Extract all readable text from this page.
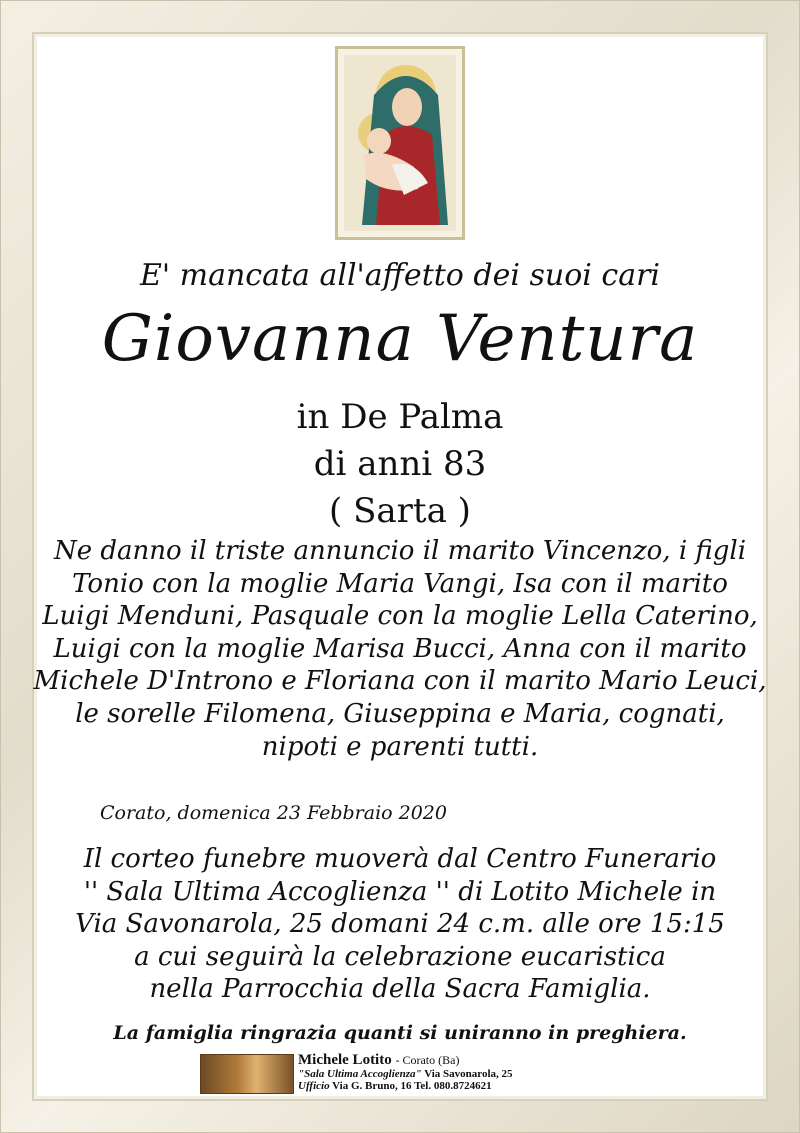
E' mancata all'affetto dei suoi cari
Giovanna Ventura
in De Palma
di anni 83
( Sarta )
Ne danno il triste annuncio il marito Vincenzo, i figli
Tonio con la moglie Maria Vangi, Isa con il marito
Luigi Menduni, Pasquale con la moglie Lella Caterino,
Luigi con la moglie Marisa Bucci, Anna con il marito
Michele D'Introno e Floriana con il marito Mario Leuci,
le sorelle Filomena, Giuseppina e Maria, cognati,
nipoti e parenti tutti.
Corato, domenica 23 Febbraio 2020
Il corteo funebre muoverà dal Centro Funerario
'' Sala Ultima Accoglienza '' di Lotito Michele in
Via Savonarola, 25 domani 24 c.m. alle ore 15:15
a cui seguirà la celebrazione eucaristica
nella Parrocchia della Sacra Famiglia.
La famiglia ringrazia quanti si uniranno in preghiera.
Michele Lotito - Corato (Ba)
"Sala Ultima Accoglienza" Via Savonarola, 25
Ufficio Via G. Bruno, 16 Tel. 080.8724621
